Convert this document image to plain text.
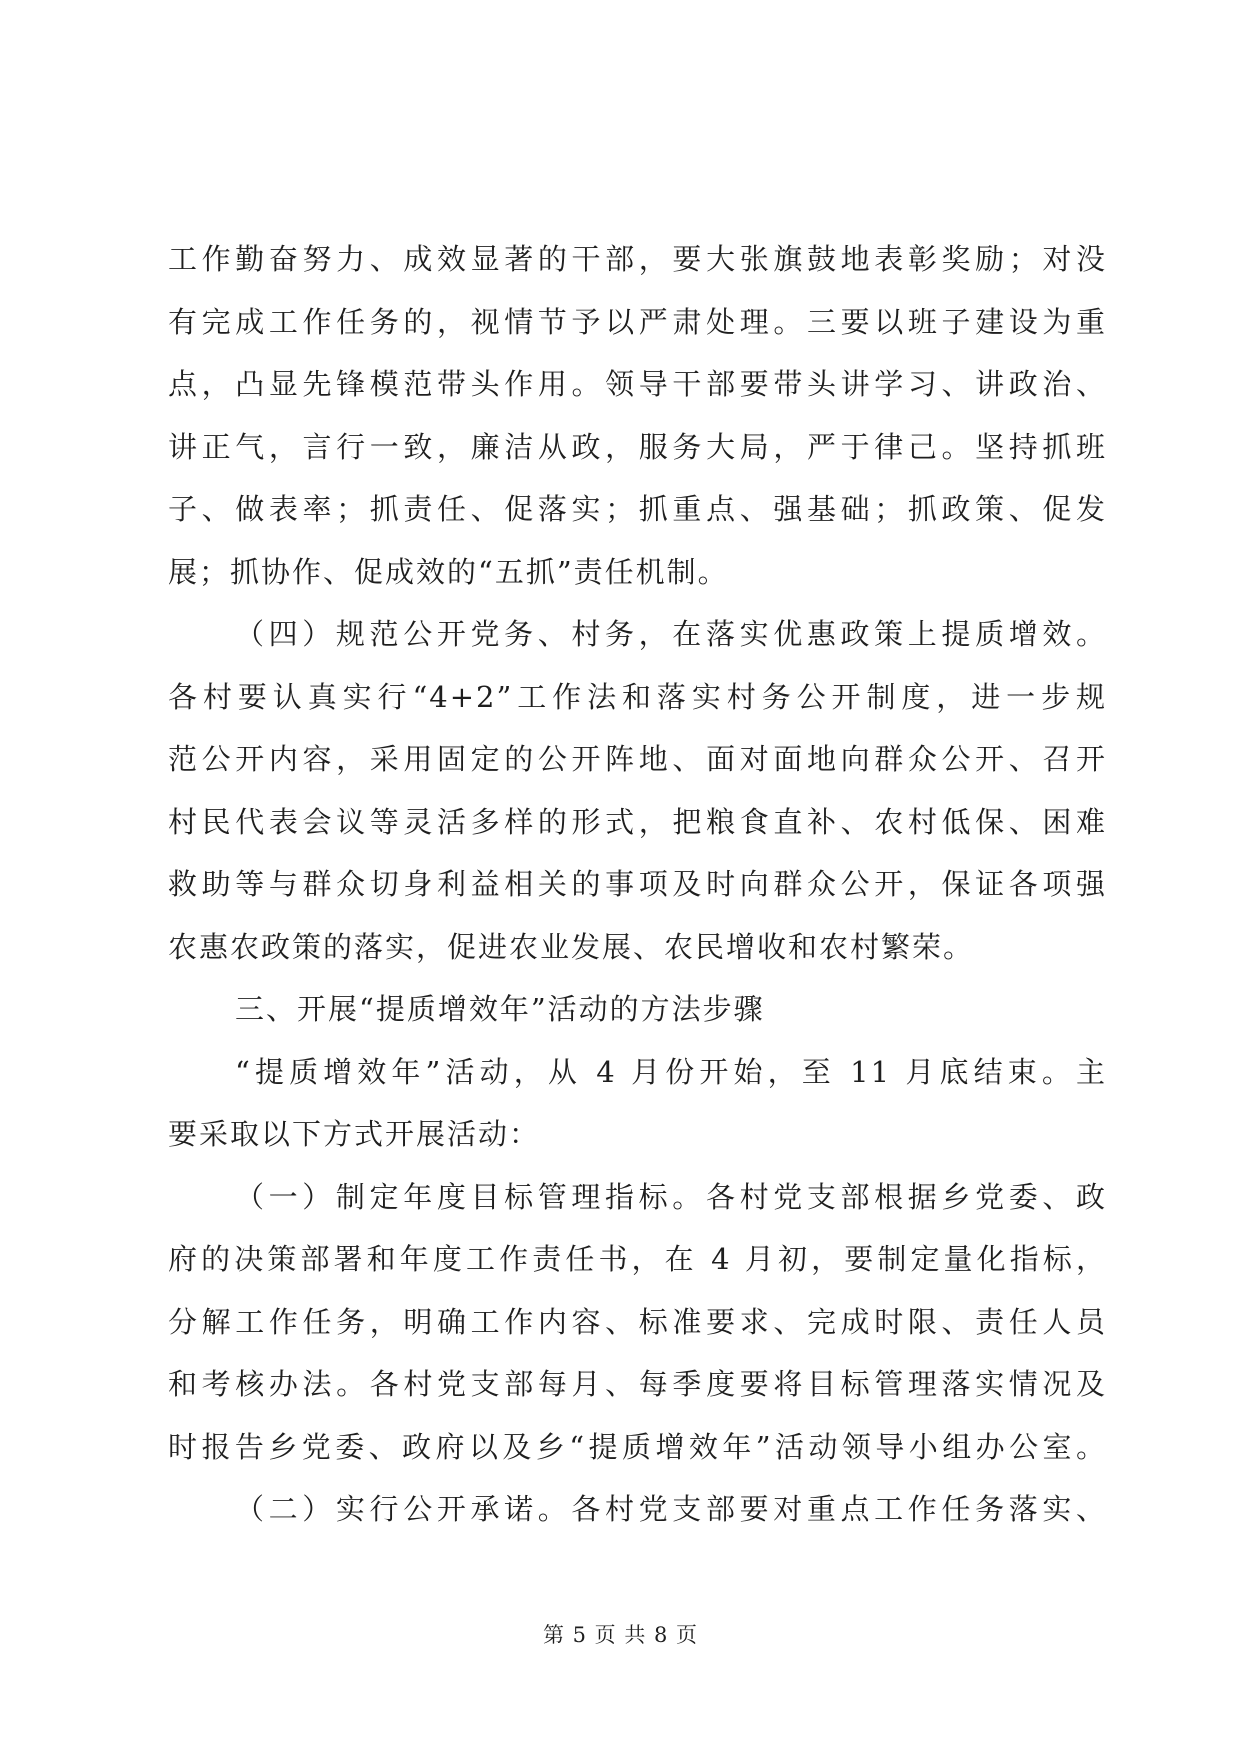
工作勤奋努力、成效显著的干部，要大张旗鼓地表彰奖励；对没
有完成工作任务的，视情节予以严肃处理。三要以班子建设为重
点，凸显先锋模范带头作用。领导干部要带头讲学习、讲政治、
讲正气，言行一致，廉洁从政，服务大局，严于律己。坚持抓班
子、做表率；抓责任、促落实；抓重点、强基础；抓政策、促发
展；抓协作、促成效的“五抓”责任机制。
（四）规范公开党务、村务，在落实优惠政策上提质增效。
各村要认真实行“4+2”工作法和落实村务公开制度，进一步规
范公开内容，采用固定的公开阵地、面对面地向群众公开、召开
村民代表会议等灵活多样的形式，把粮食直补、农村低保、困难
救助等与群众切身利益相关的事项及时向群众公开，保证各项强
农惠农政策的落实，促进农业发展、农民增收和农村繁荣。
三、开展“提质增效年”活动的方法步骤
“提质增效年”活动，从 4 月份开始，至 11 月底结束。主
要采取以下方式开展活动：
（一）制定年度目标管理指标。各村党支部根据乡党委、政
府的决策部署和年度工作责任书，在 4 月初，要制定量化指标，
分解工作任务，明确工作内容、标准要求、完成时限、责任人员
和考核办法。各村党支部每月、每季度要将目标管理落实情况及
时报告乡党委、政府以及乡“提质增效年”活动领导小组办公室。
（二）实行公开承诺。各村党支部要对重点工作任务落实、
第 5 页 共 8 页
